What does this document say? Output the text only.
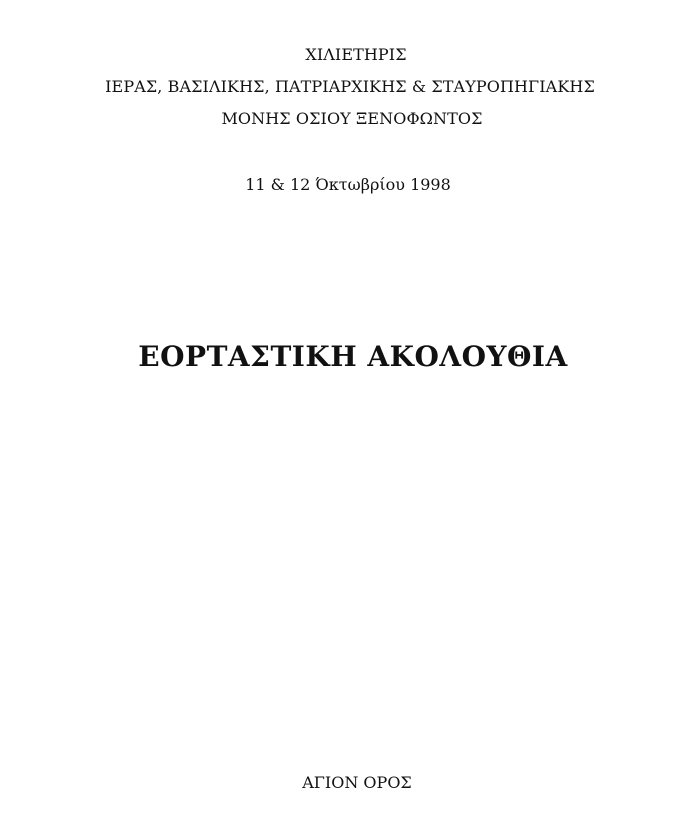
ΧΙΛΙΕΤΗΡΙΣ
ΙΕΡΑΣ, ΒΑΣΙΛΙΚΗΣ, ΠΑΤΡΙΑΡΧΙΚΗΣ & ΣΤΑΥΡΟΠΗΓΙΑΚΗΣ
ΜΟΝΗΣ ΟΣΙΟΥ ΞΕΝΟΦΩΝΤΟΣ
11 & 12 Όκτωβρίου 1998
ΕΟΡΤΑΣΤΙΚΗ ΑΚΟΛΟΥΘΙΑ
ΑΓΙΟΝ ΟΡΟΣ
